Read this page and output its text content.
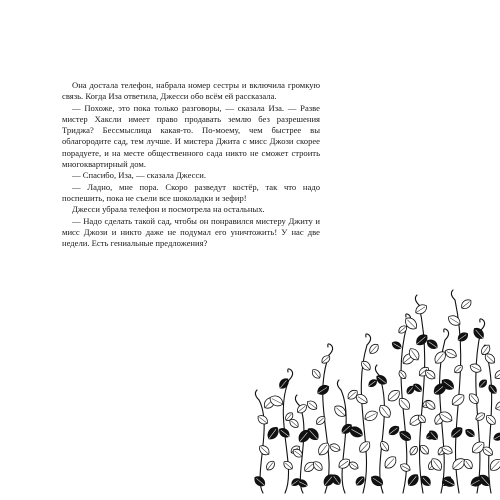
Она достала телефон, набрала номер сестры и включила громкую связь. Когда Иза ответила, Джесси обо всём ей рассказала.

— Похоже, это пока только разговоры, — сказала Иза. — Разве мистер Хаксли имеет право продавать землю без разрешения Триджа? Бессмыслица какая-то. По-моему, чем быстрее вы облагородите сад, тем лучше. И мистера Джита с мисс Джози скорее порадуете, и на месте общественного сада никто не сможет строить многоквартирный дом.

— Спасибо, Иза, — сказала Джесси.

— Ладно, мне пора. Скоро разведут костёр, так что надо поспешить, пока не съели все шоколадки и зефир!

Джесси убрала телефон и посмотрела на остальных.

— Надо сделать такой сад, чтобы он понравился мистеру Джиту и мисс Джози и никто даже не подумал его уничтожить! У нас две недели. Есть гениальные предложения?
